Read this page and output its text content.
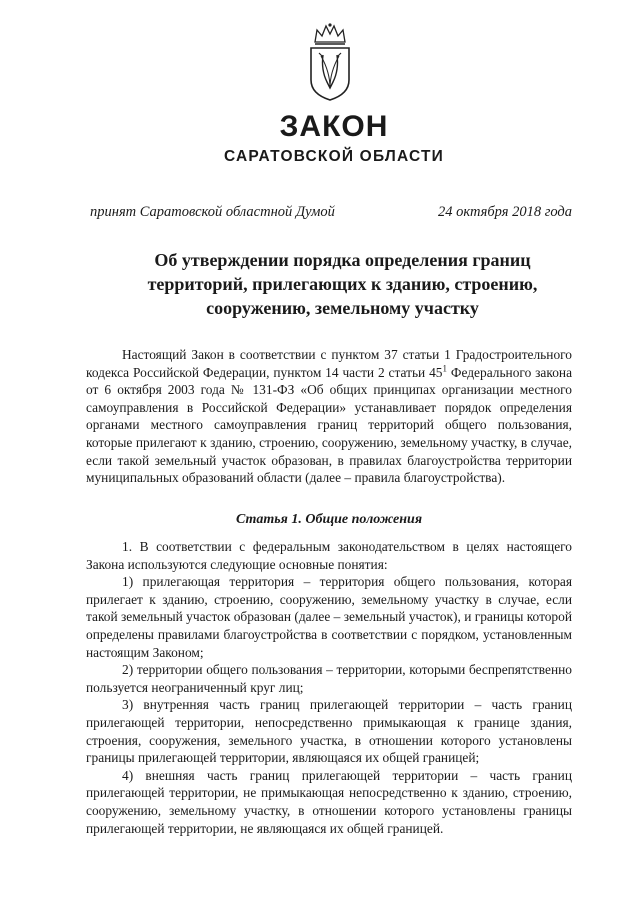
ЗАКОН
САРАТОВСКОЙ ОБЛАСТИ
принят Саратовской областной Думой	24 октября 2018 года
Об утверждении порядка определения границ
территорий, прилегающих к зданию, строению,
сооружению, земельному участку

Настоящий Закон в соответствии с пунктом 37 статьи 1 Градостроительного кодекса Российской Федерации, пунктом 14 части 2 статьи $45^1$ Федерального закона от 6 октября 2003 года № 131-ФЗ «Об общих принципах организации местного самоуправления в Российской Федерации» устанавливает порядок определения органами местного самоуправления границ территорий общего пользования, которые прилегают к зданию, строению, сооружению, земельному участку, в случае, если такой земельный участок образован, в правилах благоустройства территории муниципальных образований области (далее – правила благоустройства).

Статья 1. Общие положения

1. В соответствии с федеральным законодательством в целях настоящего Закона используются следующие основные понятия:

1) прилегающая территория – территория общего пользования, которая прилегает к зданию, строению, сооружению, земельному участку в случае, если такой земельный участок образован (далее – земельный участок), и границы которой определены правилами благоустройства в соответствии с порядком, установленным настоящим Законом;

2) территории общего пользования – территории, которыми беспрепятственно пользуется неограниченный круг лиц;

3) внутренняя часть границ прилегающей территории – часть границ прилегающей территории, непосредственно примыкающая к границе здания, строения, сооружения, земельного участка, в отношении которого установлены границы прилегающей территории, являющаяся их общей границей;

4) внешняя часть границ прилегающей территории – часть границ прилегающей территории, не примыкающая непосредственно к зданию, строению, сооружению, земельному участку, в отношении которого установлены границы прилегающей территории, не являющаяся их общей границей.
